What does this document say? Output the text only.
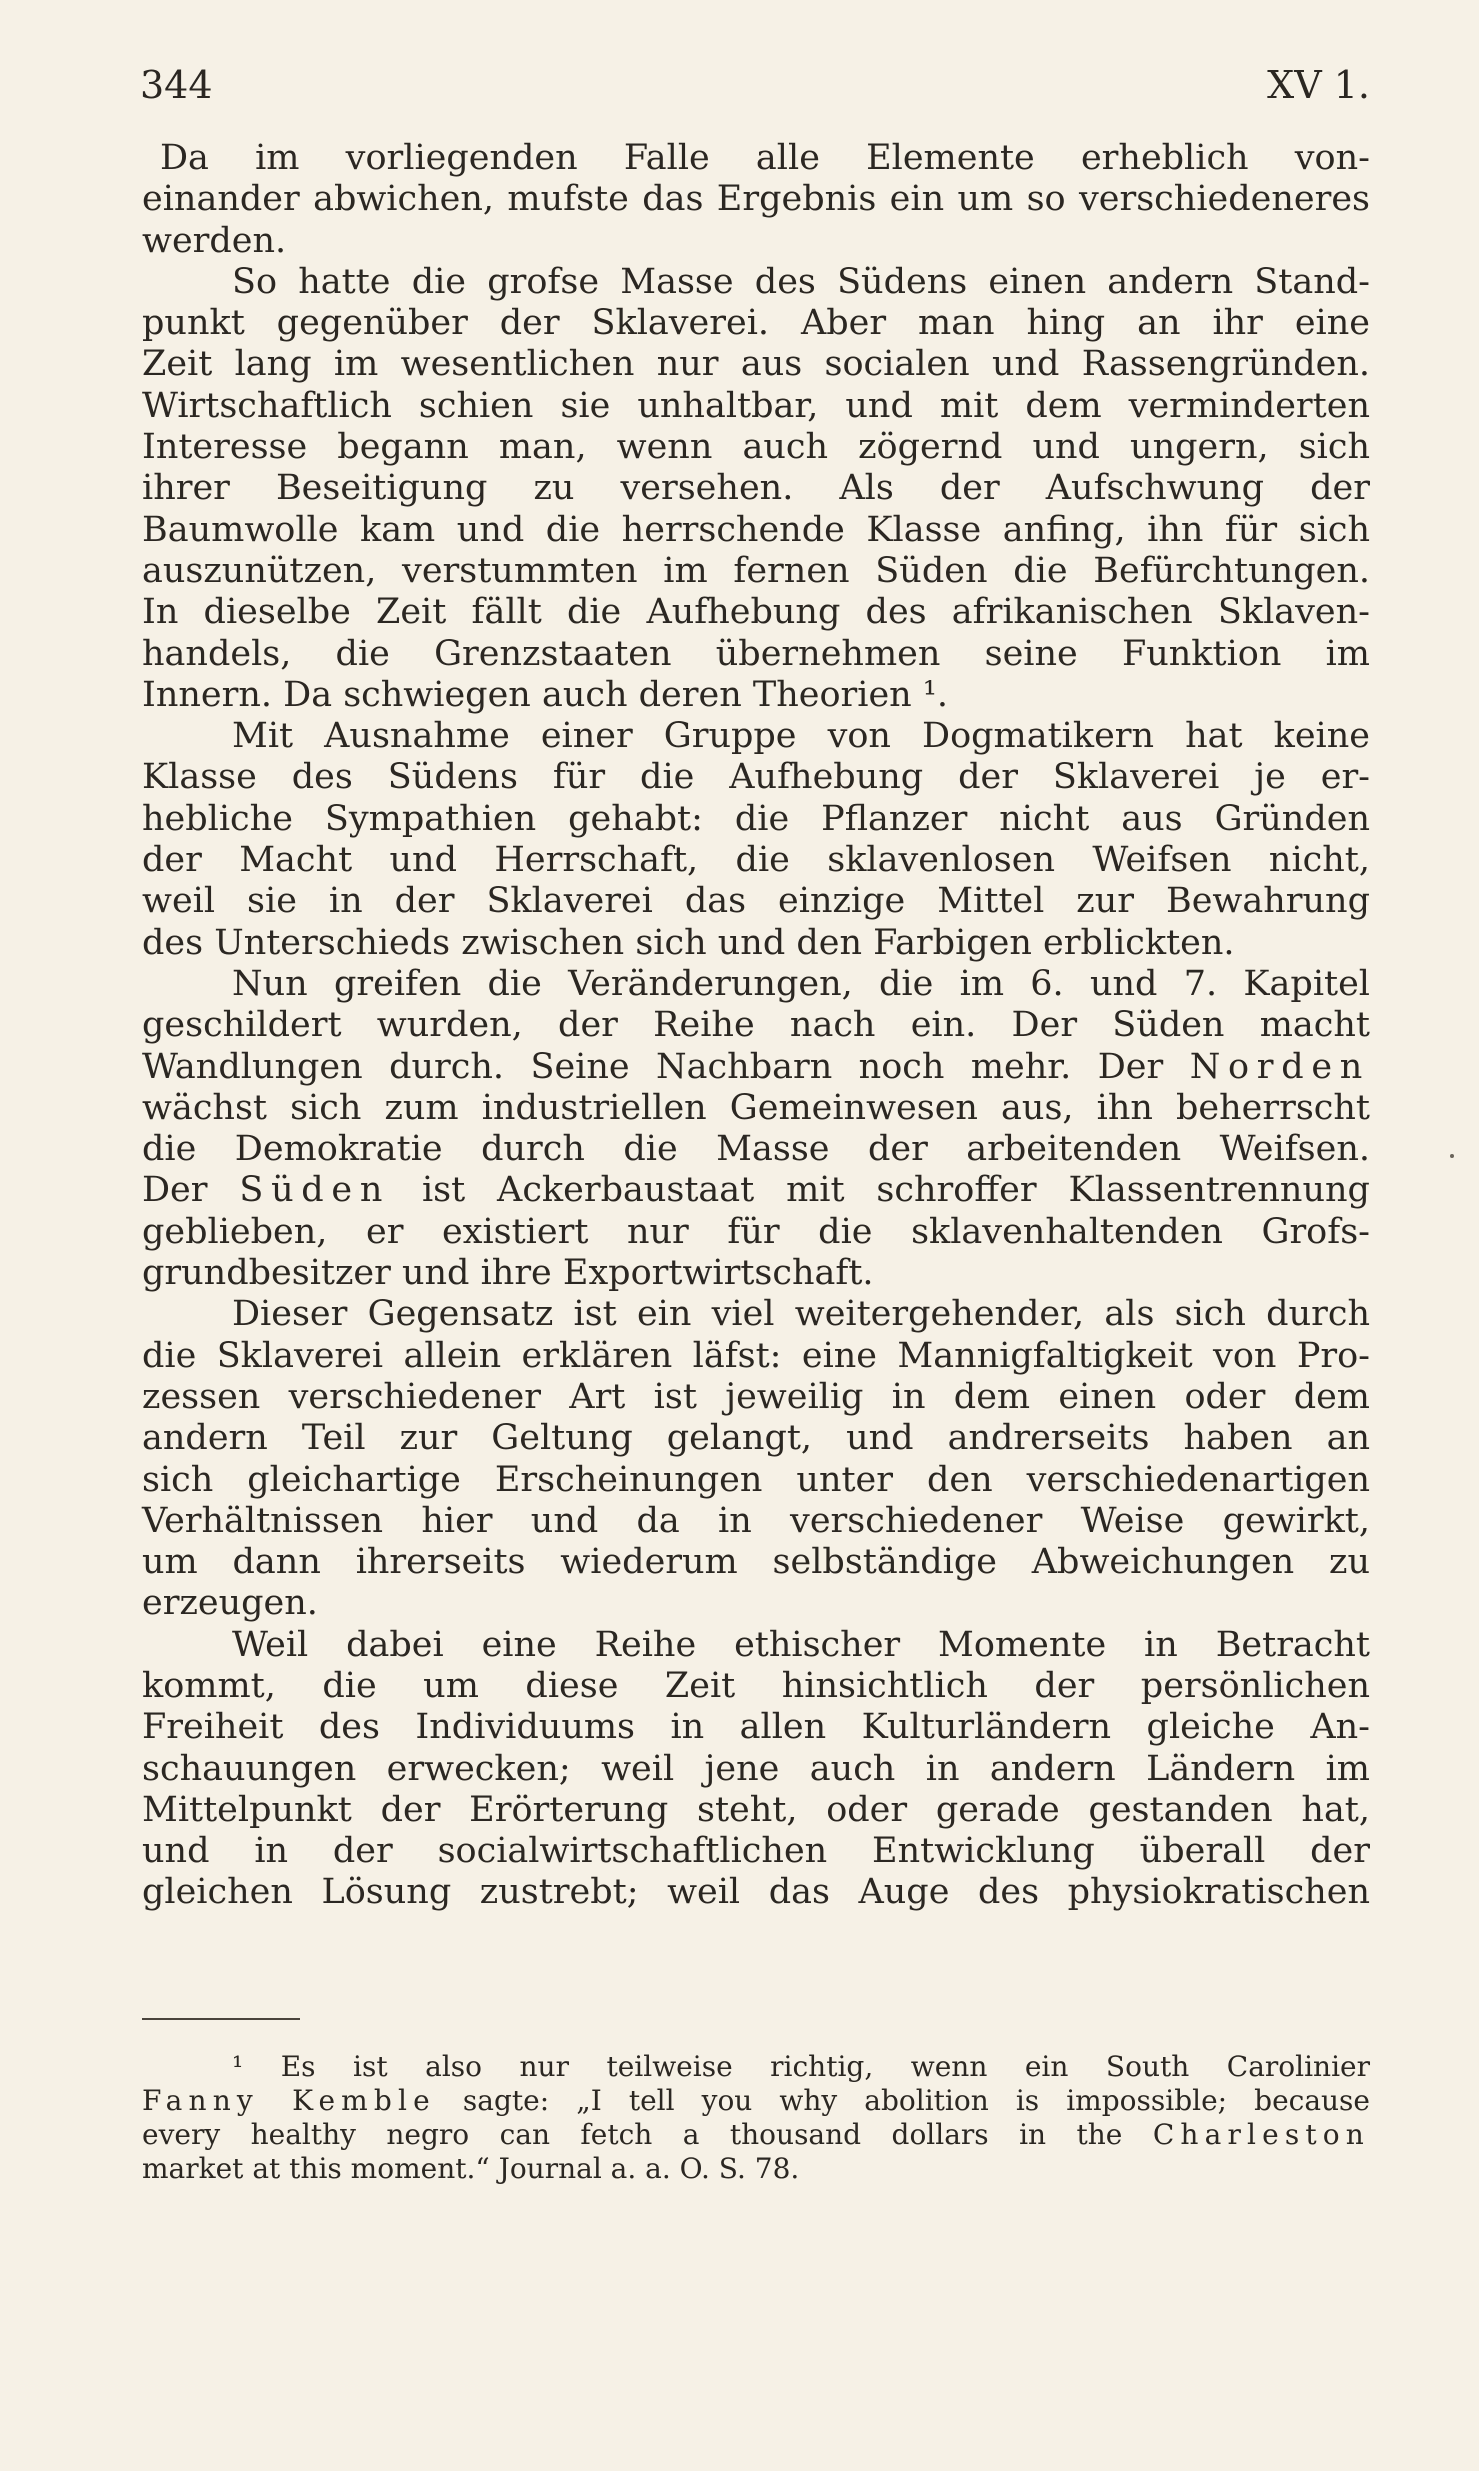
344	XV 1.
Da im vorliegenden Falle alle Elemente erheblich von-
einander abwichen, mufste das Ergebnis ein um so verschiedeneres
werden.
So hatte die grofse Masse des Südens einen andern Stand-
punkt gegenüber der Sklaverei. Aber man hing an ihr eine
Zeit lang im wesentlichen nur aus socialen und Rassengründen.
Wirtschaftlich schien sie unhaltbar, und mit dem verminderten
Interesse begann man, wenn auch zögernd und ungern, sich
ihrer Beseitigung zu versehen. Als der Aufschwung der
Baumwolle kam und die herrschende Klasse anfing, ihn für sich
auszunützen, verstummten im fernen Süden die Befürchtungen.
In dieselbe Zeit fällt die Aufhebung des afrikanischen Sklaven-
handels, die Grenzstaaten übernehmen seine Funktion im
Innern. Da schwiegen auch deren Theorien ¹.
Mit Ausnahme einer Gruppe von Dogmatikern hat keine
Klasse des Südens für die Aufhebung der Sklaverei je er-
hebliche Sympathien gehabt: die Pflanzer nicht aus Gründen
der Macht und Herrschaft, die sklavenlosen Weifsen nicht,
weil sie in der Sklaverei das einzige Mittel zur Bewahrung
des Unterschieds zwischen sich und den Farbigen erblickten.
Nun greifen die Veränderungen, die im 6. und 7. Kapitel
geschildert wurden, der Reihe nach ein. Der Süden macht
Wandlungen durch. Seine Nachbarn noch mehr. Der Norden
wächst sich zum industriellen Gemeinwesen aus, ihn beherrscht
die Demokratie durch die Masse der arbeitenden Weifsen.
Der Süden ist Ackerbaustaat mit schroffer Klassentrennung
geblieben, er existiert nur für die sklavenhaltenden Grofs-
grundbesitzer und ihre Exportwirtschaft.
Dieser Gegensatz ist ein viel weitergehender, als sich durch
die Sklaverei allein erklären läfst: eine Mannigfaltigkeit von Pro-
zessen verschiedener Art ist jeweilig in dem einen oder dem
andern Teil zur Geltung gelangt, und andrerseits haben an
sich gleichartige Erscheinungen unter den verschiedenartigen
Verhältnissen hier und da in verschiedener Weise gewirkt,
um dann ihrerseits wiederum selbständige Abweichungen zu
erzeugen.
Weil dabei eine Reihe ethischer Momente in Betracht
kommt, die um diese Zeit hinsichtlich der persönlichen
Freiheit des Individuums in allen Kulturländern gleiche An-
schauungen erwecken; weil jene auch in andern Ländern im
Mittelpunkt der Erörterung steht, oder gerade gestanden hat,
und in der socialwirtschaftlichen Entwicklung überall der
gleichen Lösung zustrebt; weil das Auge des physiokratischen
¹ Es ist also nur teilweise richtig, wenn ein South Carolinier
Fanny Kemble sagte: „I tell you why abolition is impossible; because
every healthy negro can fetch a thousand dollars in the Charleston
market at this moment.“ Journal a. a. O. S. 78.
